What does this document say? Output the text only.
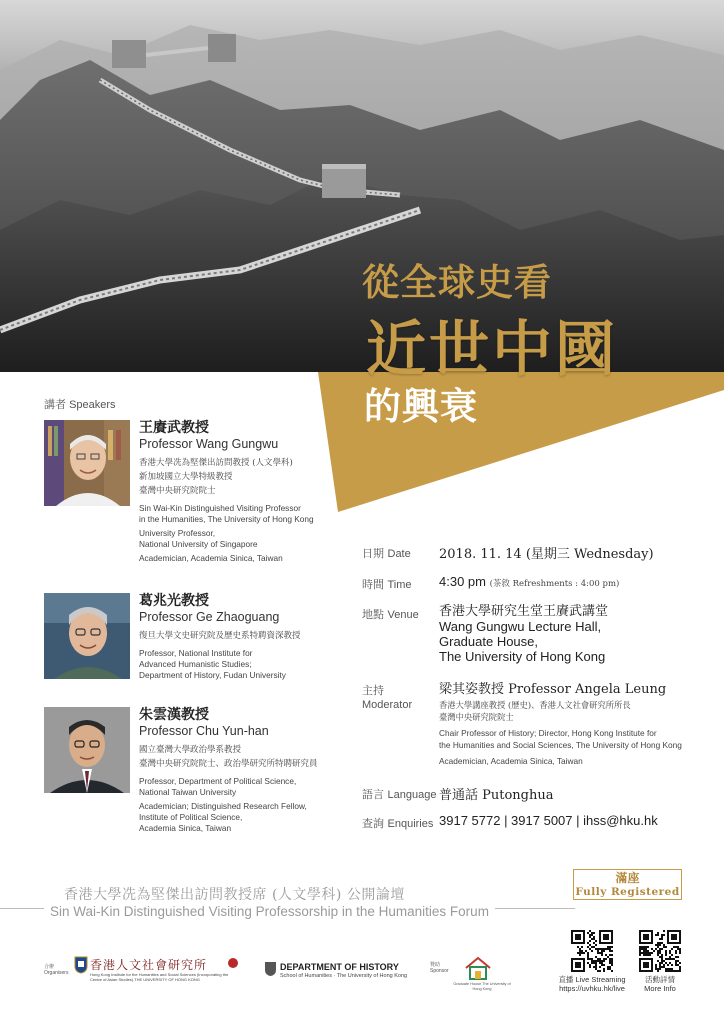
從全球史看
近世中國
的興衰
講者 Speakers
王賡武教授
Professor Wang Gungwu
香港大學冼為堅傑出訪問教授 (人文學科)
新加坡國立大學特級教授
臺灣中央研究院院士
Sin Wai-Kin Distinguished Visiting Professor
in the Humanities, The University of Hong Kong
University Professor,
National University of Singapore
Academician, Academia Sinica, Taiwan
葛兆光教授
Professor Ge Zhaoguang
復旦大學文史研究院及歷史系特聘資深教授
Professor, National Institute for
Advanced Humanistic Studies;
Department of History, Fudan University
朱雲漢教授
Professor Chu Yun-han
國立臺灣大學政治學系教授
臺灣中央研究院院士、政治學研究所特聘研究員
Professor, Department of Political Science,
National Taiwan University
Academician; Distinguished Research Fellow,
Institute of Political Science,
Academia Sinica, Taiwan
日期 Date 2018. 11. 14 (星期三 Wednesday)
時間 Time 4:30 pm (茶敘 Refreshments : 4:00 pm)
地點 Venue 香港大學研究生堂王賡武講堂
Wang Gungwu Lecture Hall,
Graduate House,
The University of Hong Kong
主持
Moderator
梁其姿教授 Professor Angela Leung
香港大學講座教授 (歷史)、香港人文社會研究所所長
臺灣中央研究院院士
Chair Professor of History; Director, Hong Kong Institute for
the Humanities and Social Sciences, The University of Hong Kong
Academician, Academia Sinica, Taiwan
語言 Language 普通話 Putonghua
查詢 Enquiries 3917 5772 | 3917 5007 | ihss@hku.hk
香港大學冼為堅傑出訪問教授席 (人文學科) 公開論壇
Sin Wai-Kin Distinguished Visiting Professorship in the Humanities Forum
滿座
Fully Registered
合辦 Organisers
香港人文社會研究所
Hong Kong Institute for the Humanities and Social Sciences (Incorporating the Centre of Asian Studies) THE UNIVERSITY OF HONG KONG
DEPARTMENT OF HISTORY
School of Humanities · The University of Hong Kong
贊助 Sponsor
Graduate House The University of Hong Kong
直播 Live Streaming
https://uvhku.hk/live
活動詳情
More Info
